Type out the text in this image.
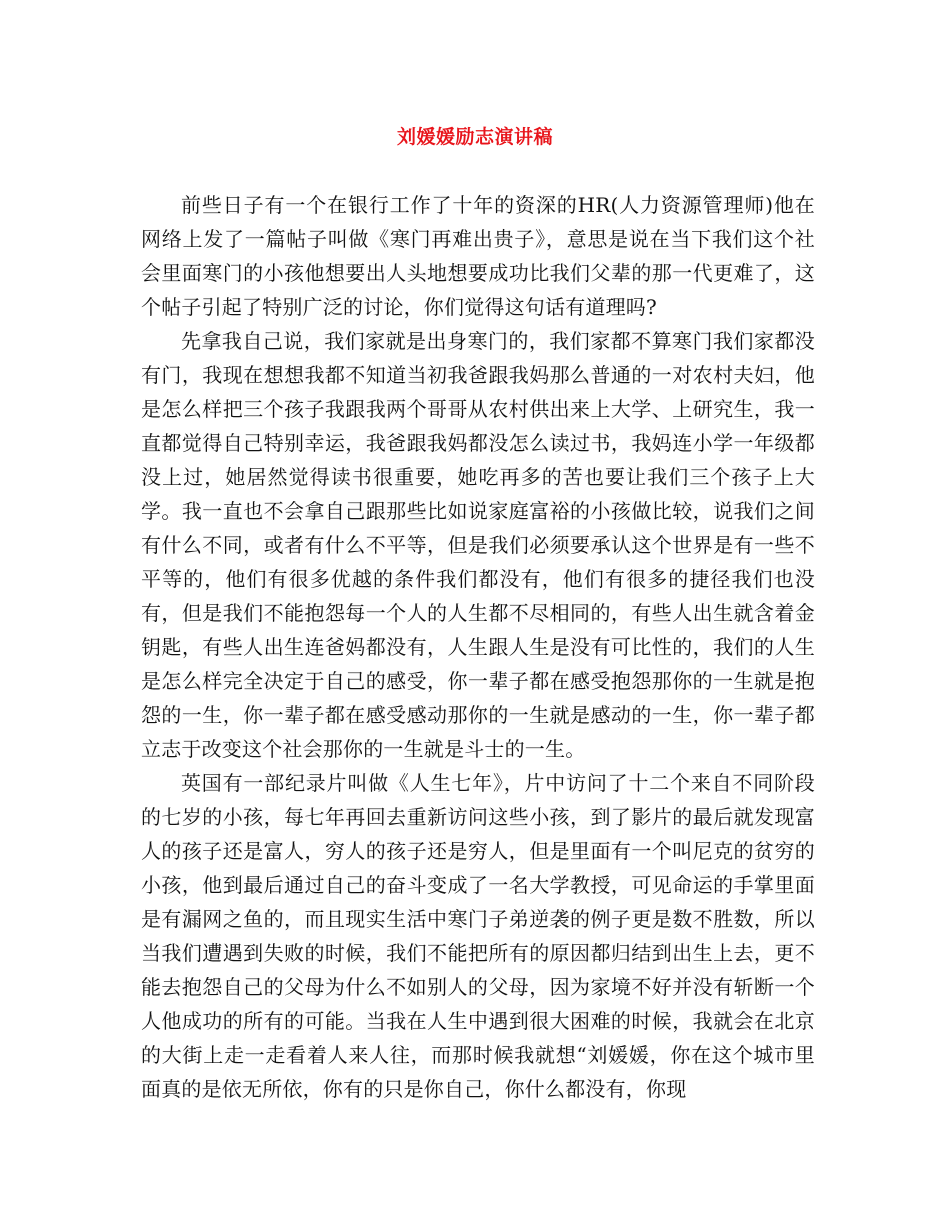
刘媛媛励志演讲稿

前些日子有一个在银行工作了十年的资深的HR(人力资源管理师)他在网络上发了一篇帖子叫做《寒门再难出贵子》，意思是说在当下我们这个社会里面寒门的小孩他想要出人头地想要成功比我们父辈的那一代更难了，这个帖子引起了特别广泛的讨论，你们觉得这句话有道理吗?

先拿我自己说，我们家就是出身寒门的，我们家都不算寒门我们家都没有门，我现在想想我都不知道当初我爸跟我妈那么普通的一对农村夫妇，他是怎么样把三个孩子我跟我两个哥哥从农村供出来上大学、上研究生，我一直都觉得自己特别幸运，我爸跟我妈都没怎么读过书，我妈连小学一年级都没上过，她居然觉得读书很重要，她吃再多的苦也要让我们三个孩子上大学。我一直也不会拿自己跟那些比如说家庭富裕的小孩做比较，说我们之间有什么不同，或者有什么不平等，但是我们必须要承认这个世界是有一些不平等的，他们有很多优越的条件我们都没有，他们有很多的捷径我们也没有，但是我们不能抱怨每一个人的人生都不尽相同的，有些人出生就含着金钥匙，有些人出生连爸妈都没有，人生跟人生是没有可比性的，我们的人生是怎么样完全决定于自己的感受，你一辈子都在感受抱怨那你的一生就是抱怨的一生，你一辈子都在感受感动那你的一生就是感动的一生，你一辈子都立志于改变这个社会那你的一生就是斗士的一生。

英国有一部纪录片叫做《人生七年》，片中访问了十二个来自不同阶段的七岁的小孩，每七年再回去重新访问这些小孩，到了影片的最后就发现富人的孩子还是富人，穷人的孩子还是穷人，但是里面有一个叫尼克的贫穷的小孩，他到最后通过自己的奋斗变成了一名大学教授，可见命运的手掌里面是有漏网之鱼的，而且现实生活中寒门子弟逆袭的例子更是数不胜数，所以当我们遭遇到失败的时候，我们不能把所有的原因都归结到出生上去，更不能去抱怨自己的父母为什么不如别人的父母，因为家境不好并没有斩断一个人他成功的所有的可能。当我在人生中遇到很大困难的时候，我就会在北京的大街上走一走看着人来人往，而那时候我就想“刘媛媛，你在这个城市里面真的是依无所依，你有的只是你自己，你什么都没有，你现
